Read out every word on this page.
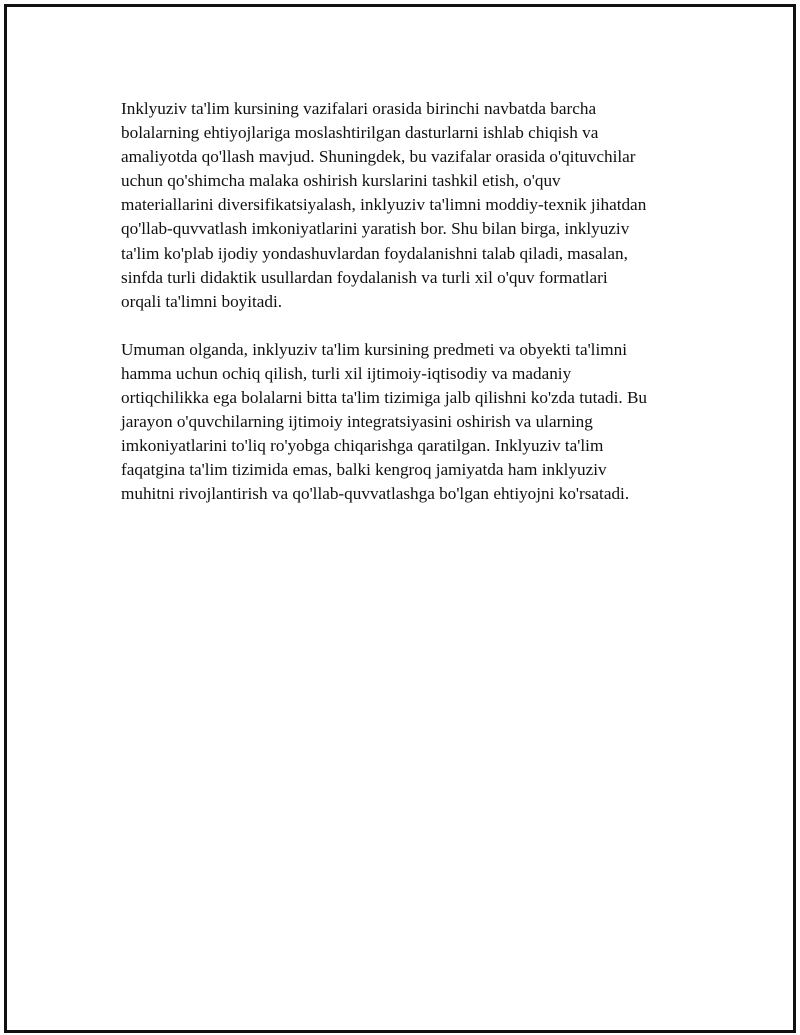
Inklyuziv ta'lim kursining vazifalari orasida birinchi navbatda barcha
bolalarning ehtiyojlariga moslashtirilgan dasturlarni ishlab chiqish va
amaliyotda qo'llash mavjud. Shuningdek, bu vazifalar orasida o'qituvchilar
uchun qo'shimcha malaka oshirish kurslarini tashkil etish, o'quv
materiallarini diversifikatsiyalash, inklyuziv ta'limni moddiy-texnik jihatdan
qo'llab-quvvatlash imkoniyatlarini yaratish bor. Shu bilan birga, inklyuziv
ta'lim ko'plab ijodiy yondashuvlardan foydalanishni talab qiladi, masalan,
sinfda turli didaktik usullardan foydalanish va turli xil o'quv formatlari
orqali ta'limni boyitadi.

Umuman olganda, inklyuziv ta'lim kursining predmeti va obyekti ta'limni
hamma uchun ochiq qilish, turli xil ijtimoiy-iqtisodiy va madaniy
ortiqchilikka ega bolalarni bitta ta'lim tizimiga jalb qilishni ko'zda tutadi. Bu
jarayon o'quvchilarning ijtimoiy integratsiyasini oshirish va ularning
imkoniyatlarini to'liq ro'yobga chiqarishga qaratilgan. Inklyuziv ta'lim
faqatgina ta'lim tizimida emas, balki kengroq jamiyatda ham inklyuziv
muhitni rivojlantirish va qo'llab-quvvatlashga bo'lgan ehtiyojni ko'rsatadi.
